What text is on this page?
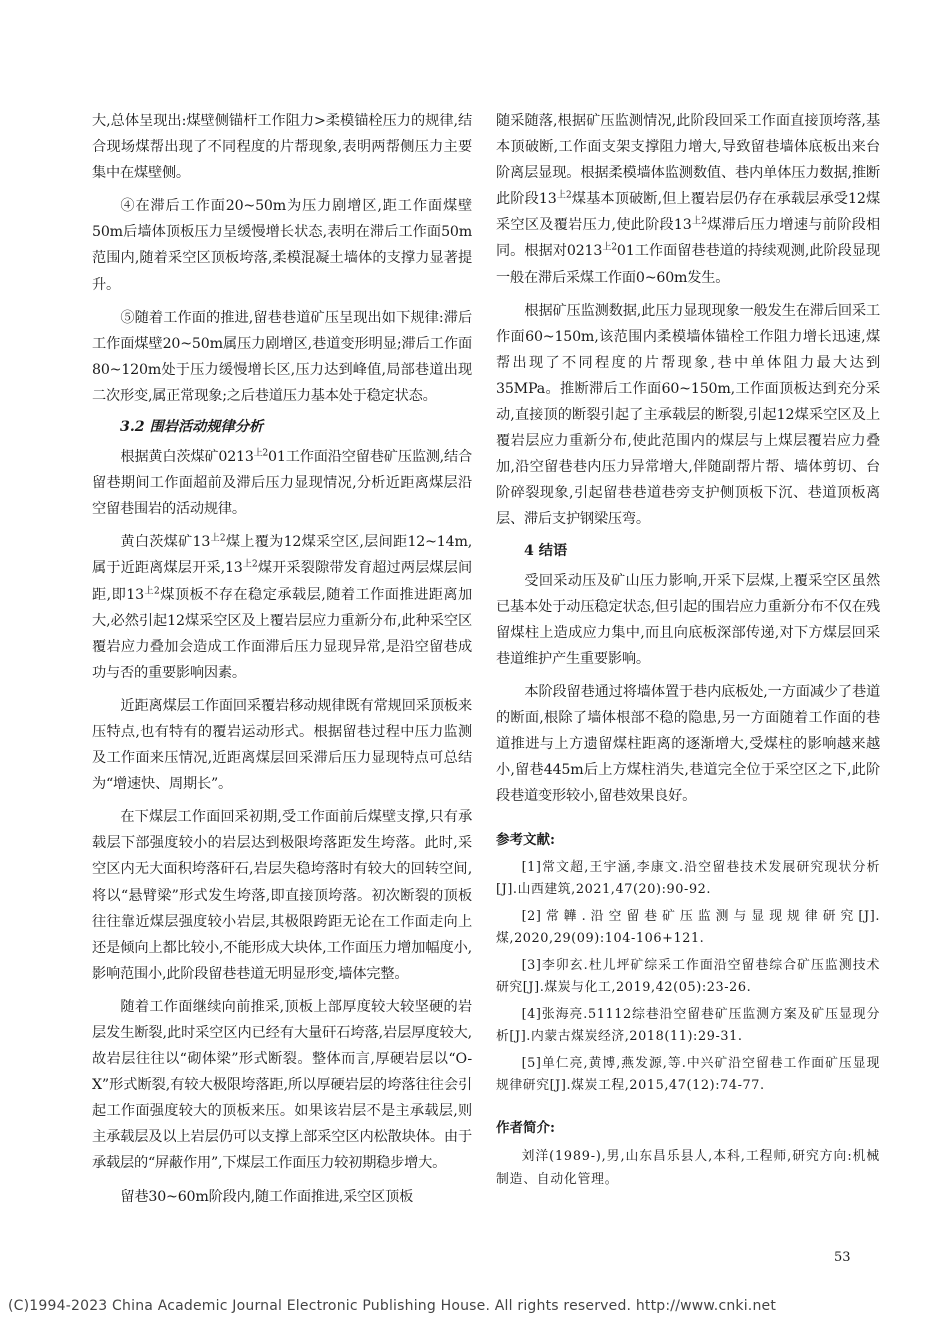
大,总体呈现出:煤壁侧锚杆工作阻力>柔模锚栓压力的规律,结合现场煤帮出现了不同程度的片帮现象,表明两帮侧压力主要集中在煤壁侧。

④在滞后工作面20~50m为压力剧增区,距工作面煤壁50m后墙体顶板压力呈缓慢增长状态,表明在滞后工作面50m范围内,随着采空区顶板垮落,柔模混凝土墙体的支撑力显著提升。

⑤随着工作面的推进,留巷巷道矿压呈现出如下规律:滞后工作面煤壁20~50m属压力剧增区,巷道变形明显;滞后工作面80~120m处于压力缓慢增长区,压力达到峰值,局部巷道出现二次形变,属正常现象;之后巷道压力基本处于稳定状态。

3.2 围岩活动规律分析

根据黄白茨煤矿$0213^{上2}01$工作面沿空留巷矿压监测,结合留巷期间工作面超前及滞后压力显现情况,分析近距离煤层沿空留巷围岩的活动规律。

黄白茨煤矿$13^{上2}$煤上覆为12煤采空区,层间距12~14m,属于近距离煤层开采$,13^{上2}$煤开采裂隙带发育超过两层煤层间距,即$13^{上2}$煤顶板不存在稳定承载层,随着工作面推进距离加大,必然引起12煤采空区及上覆岩层应力重新分布,此种采空区覆岩应力叠加会造成工作面滞后压力显现异常,是沿空留巷成功与否的重要影响因素。

近距离煤层工作面回采覆岩移动规律既有常规回采顶板来压特点,也有特有的覆岩运动形式。根据留巷过程中压力监测及工作面来压情况,近距离煤层回采滞后压力显现特点可总结为“增速快、周期长”。

在下煤层工作面回采初期,受工作面前后煤壁支撑,只有承载层下部强度较小的岩层达到极限垮落距发生垮落。此时,采空区内无大面积垮落矸石,岩层失稳垮落时有较大的回转空间,将以“悬臂梁”形式发生垮落,即直接顶垮落。初次断裂的顶板往往靠近煤层强度较小岩层,其极限跨距无论在工作面走向上还是倾向上都比较小,不能形成大块体,工作面压力增加幅度小,影响范围小,此阶段留巷巷道无明显形变,墙体完整。

随着工作面继续向前推采,顶板上部厚度较大较坚硬的岩层发生断裂,此时采空区内已经有大量矸石垮落,岩层厚度较大,故岩层往往以“砌体梁”形式断裂。整体而言,厚硬岩层以“O-X”形式断裂,有较大极限垮落距,所以厚硬岩层的垮落往往会引起工作面强度较大的顶板来压。如果该岩层不是主承载层,则主承载层及以上岩层仍可以支撑上部采空区内松散块体。由于承载层的“屏蔽作用”,下煤层工作面压力较初期稳步增大。

留巷30~60m阶段内,随工作面推进,采空区顶板

随采随落,根据矿压监测情况,此阶段回采工作面直接顶垮落,基本顶破断,工作面支架支撑阻力增大,导致留巷墙体底板出来台阶离层显现。根据柔模墙体监测数值、巷内单体压力数据,推断此阶段$13^{上2}$煤基本顶破断,但上覆岩层仍存在承载层承受12煤采空区及覆岩压力,使此阶段$13^{上2}$煤滞后压力增速与前阶段相同。根据对$0213^{上2}01$工作面留巷巷道的持续观测,此阶段显现一般在滞后采煤工作面0~60m发生。

根据矿压监测数据,此压力显现现象一般发生在滞后回采工作面60~150m,该范围内柔模墙体锚栓工作阻力增长迅速,煤帮出现了不同程度的片帮现象,巷中单体阻力最大达到35MPa。推断滞后工作面60~150m,工作面顶板达到充分采动,直接顶的断裂引起了主承载层的断裂,引起12煤采空区及上覆岩层应力重新分布,使此范围内的煤层与上煤层覆岩应力叠加,沿空留巷巷内压力异常增大,伴随副帮片帮、墙体剪切、台阶碎裂现象,引起留巷巷道巷旁支护侧顶板下沉、巷道顶板离层、滞后支护钢梁压弯。

4 结语

受回采动压及矿山压力影响,开采下层煤,上覆采空区虽然已基本处于动压稳定状态,但引起的围岩应力重新分布不仅在残留煤柱上造成应力集中,而且向底板深部传递,对下方煤层回采巷道维护产生重要影响。

本阶段留巷通过将墙体置于巷内底板处,一方面减少了巷道的断面,根除了墙体根部不稳的隐患,另一方面随着工作面的巷道推进与上方遗留煤柱距离的逐渐增大,受煤柱的影响越来越小,留巷445m后上方煤柱消失,巷道完全位于采空区之下,此阶段巷道变形较小,留巷效果良好。

参考文献:

[1]常文超,王宇涵,李康文.沿空留巷技术发展研究现状分析[J].山西建筑,2021,47(20):90-92.

[2]常韡.沿空留巷矿压监测与显现规律研究[J].煤,2020,29(09):104-106+121.

[3]李卯玄.杜儿坪矿综采工作面沿空留巷综合矿压监测技术研究[J].煤炭与化工,2019,42(05):23-26.

[4]张海亮.51112综巷沿空留巷矿压监测方案及矿压显现分析[J].内蒙古煤炭经济,2018(11):29-31.

[5]单仁亮,黄博,燕发源,等.中兴矿沿空留巷工作面矿压显现规律研究[J].煤炭工程,2015,47(12):74-77.

作者简介:

刘洋(1989-),男,山东昌乐县人,本科,工程师,研究方向:机械制造、自动化管理。

53
(C)1994-2023 China Academic Journal Electronic Publishing House. All rights reserved. http://www.cnki.net
